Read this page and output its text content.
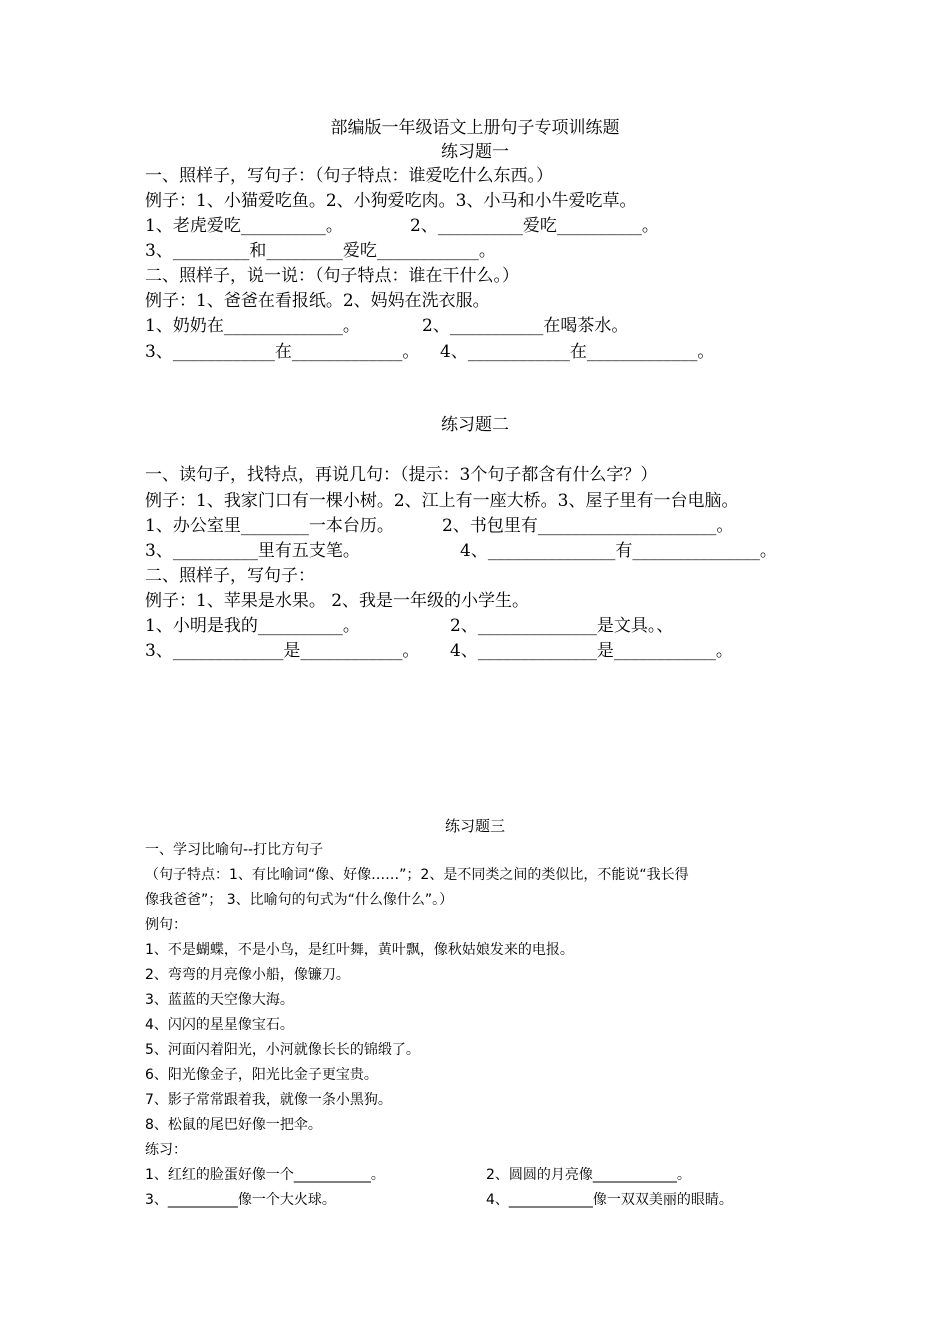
部编版一年级语文上册句子专项训练题
练习题一
一、照样子，写句子：（句子特点：谁爱吃什么东西。）
例子：1、小猫爱吃鱼。2、小狗爱吃肉。3、小马和小牛爱吃草。
1、老虎爱吃__________。	2、__________爱吃__________。
3、_________和_________爱吃____________。
二、照样子，说一说：（句子特点：谁在干什么。）
例子：1、爸爸在看报纸。2、妈妈在洗衣服。
1、奶奶在______________。	2、___________在喝茶水。
3、____________在_____________。 4、____________在_____________。
练习题二
一、读句子，找特点，再说几句：（提示：3个句子都含有什么字？）
例子：1、我家门口有一棵小树。2、江上有一座大桥。3、屋子里有一台电脑。
1、办公室里________一本台历。	2、书包里有_____________________。
3、__________里有五支笔。	4、_______________有_______________。
二、照样子，写句子：
例子：1、苹果是水果。 2、我是一年级的小学生。
1、小明是我的__________。	2、______________是文具。、
3、_____________是____________。 4、______________是____________。
练习题三
一、学习比喻句--打比方句子
（句子特点：1、有比喻词“像、好像……”；2、是不同类之间的类似比，不能说“我长得
像我爸爸”； 3、比喻句的句式为“什么像什么”。）
例句：
1、不是蝴蝶，不是小鸟，是红叶舞，黄叶飘，像秋姑娘发来的电报。
2、弯弯的月亮像小船，像镰刀。
3、蓝蓝的天空像大海。
4、闪闪的星星像宝石。
5、河面闪着阳光，小河就像长长的锦缎了。
6、阳光像金子，阳光比金子更宝贵。
7、影子常常跟着我，就像一条小黑狗。
8、松鼠的尾巴好像一把伞。
练习：
1、红红的脸蛋好像一个___________。	2、圆圆的月亮像____________。
3、__________像一个大火球。	4、____________像一双双美丽的眼睛。
